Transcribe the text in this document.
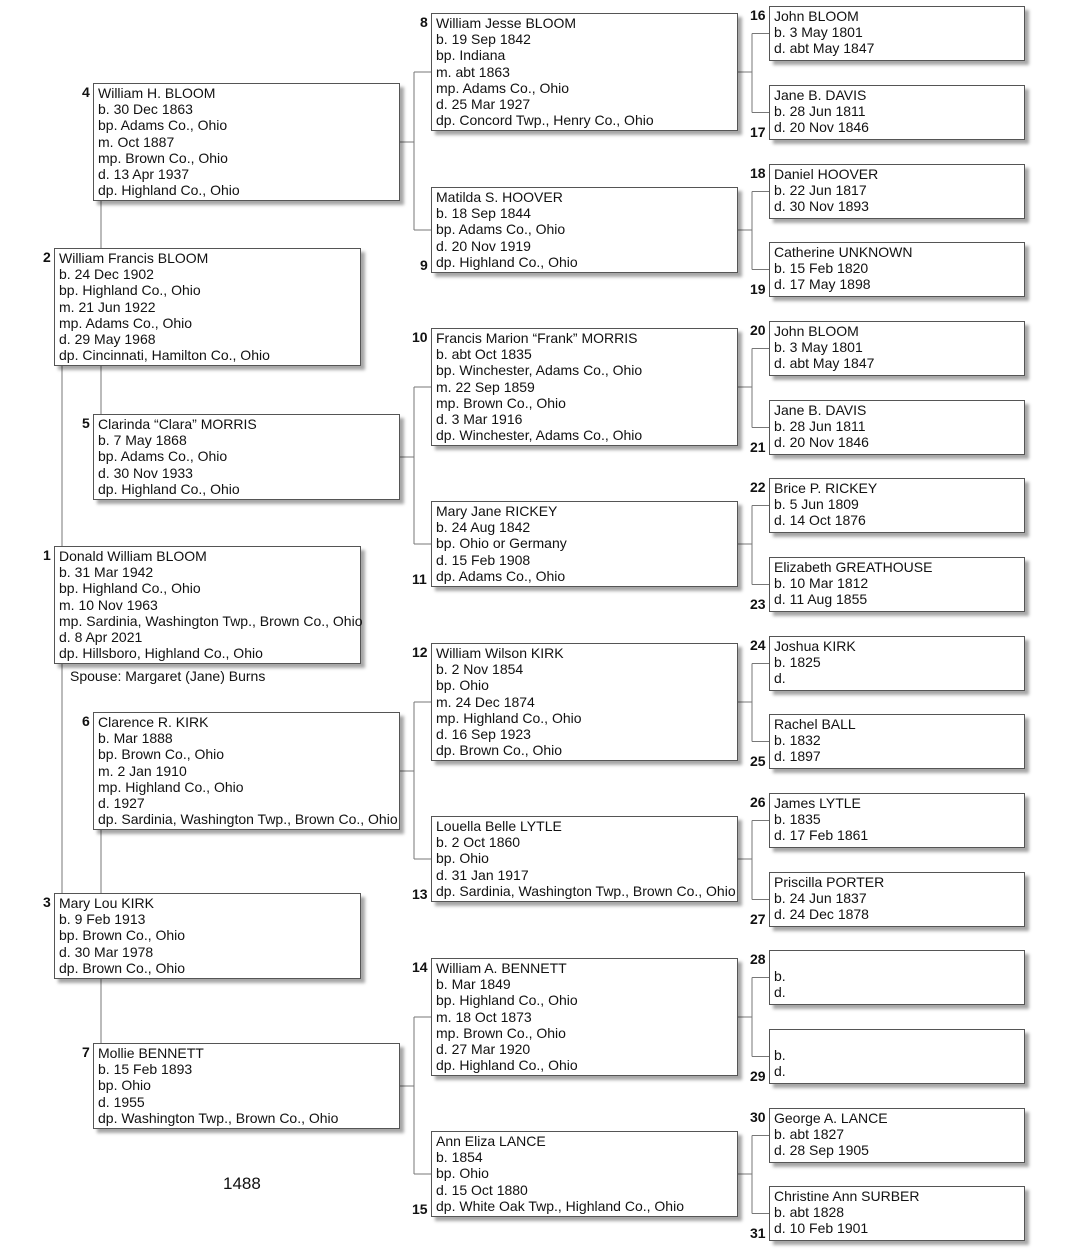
Spouse: Margaret (Jane) Burns
1488
Donald William BLOOM
b. 31 Mar 1942
bp. Highland Co., Ohio
m. 10 Nov 1963
mp. Sardinia, Washington Twp., Brown Co., Ohio
d. 8 Apr 2021
dp. Hillsboro, Highland Co., Ohio
1
William Francis BLOOM
b. 24 Dec 1902
bp. Highland Co., Ohio
m. 21 Jun 1922
mp. Adams Co., Ohio
d. 29 May 1968
dp. Cincinnati, Hamilton Co., Ohio
2
Mary Lou KIRK
b. 9 Feb 1913
bp. Brown Co., Ohio
d. 30 Mar 1978
dp. Brown Co., Ohio
3
William H. BLOOM
b. 30 Dec 1863
bp. Adams Co., Ohio
m. Oct 1887
mp. Brown Co., Ohio
d. 13 Apr 1937
dp. Highland Co., Ohio
4
Clarinda “Clara” MORRIS
b. 7 May 1868
bp. Adams Co., Ohio
d. 30 Nov 1933
dp. Highland Co., Ohio
5
Clarence R. KIRK
b. Mar 1888
bp. Brown Co., Ohio
m. 2 Jan 1910
mp. Highland Co., Ohio
d. 1927
dp. Sardinia, Washington Twp., Brown Co., Ohio
6
Mollie BENNETT
b. 15 Feb 1893
bp. Ohio
d. 1955
dp. Washington Twp., Brown Co., Ohio
7
William Jesse BLOOM
b. 19 Sep 1842
bp. Indiana
m. abt 1863
mp. Adams Co., Ohio
d. 25 Mar 1927
dp. Concord Twp., Henry Co., Ohio
8
Matilda S. HOOVER
b. 18 Sep 1844
bp. Adams Co., Ohio
d. 20 Nov 1919
dp. Highland Co., Ohio
9
Francis Marion “Frank” MORRIS
b. abt Oct 1835
bp. Winchester, Adams Co., Ohio
m. 22 Sep 1859
mp. Brown Co., Ohio
d. 3 Mar 1916
dp. Winchester, Adams Co., Ohio
10
Mary Jane RICKEY
b. 24 Aug 1842
bp. Ohio or Germany
d. 15 Feb 1908
dp. Adams Co., Ohio
11
William Wilson KIRK
b. 2 Nov 1854
bp. Ohio
m. 24 Dec 1874
mp. Highland Co., Ohio
d. 16 Sep 1923
dp. Brown Co., Ohio
12
Louella Belle LYTLE
b. 2 Oct 1860
bp. Ohio
d. 31 Jan 1917
dp. Sardinia, Washington Twp., Brown Co., Ohio
13
William A. BENNETT
b. Mar 1849
bp. Highland Co., Ohio
m. 18 Oct 1873
mp. Brown Co., Ohio
d. 27 Mar 1920
dp. Highland Co., Ohio
14
Ann Eliza LANCE
b. 1854
bp. Ohio
d. 15 Oct 1880
dp. White Oak Twp., Highland Co., Ohio
15
John BLOOM
b. 3 May 1801
d. abt May 1847
16
Jane B. DAVIS
b. 28 Jun 1811
d. 20 Nov 1846
17
Daniel HOOVER
b. 22 Jun 1817
d. 30 Nov 1893
18
Catherine UNKNOWN
b. 15 Feb 1820
d. 17 May 1898
19
John BLOOM
b. 3 May 1801
d. abt May 1847
20
Jane B. DAVIS
b. 28 Jun 1811
d. 20 Nov 1846
21
Brice P. RICKEY
b. 5 Jun 1809
d. 14 Oct 1876
22
Elizabeth GREATHOUSE
b. 10 Mar 1812
d. 11 Aug 1855
23
Joshua KIRK
b. 1825
d.
24
Rachel BALL
b. 1832
d. 1897
25
James LYTLE
b. 1835
d. 17 Feb 1861
26
Priscilla PORTER
b. 24 Jun 1837
d. 24 Dec 1878
27

b.
d.
28

b.
d.
29
George A. LANCE
b. abt 1827
d. 28 Sep 1905
30
Christine Ann SURBER
b. abt 1828
d. 10 Feb 1901
31
